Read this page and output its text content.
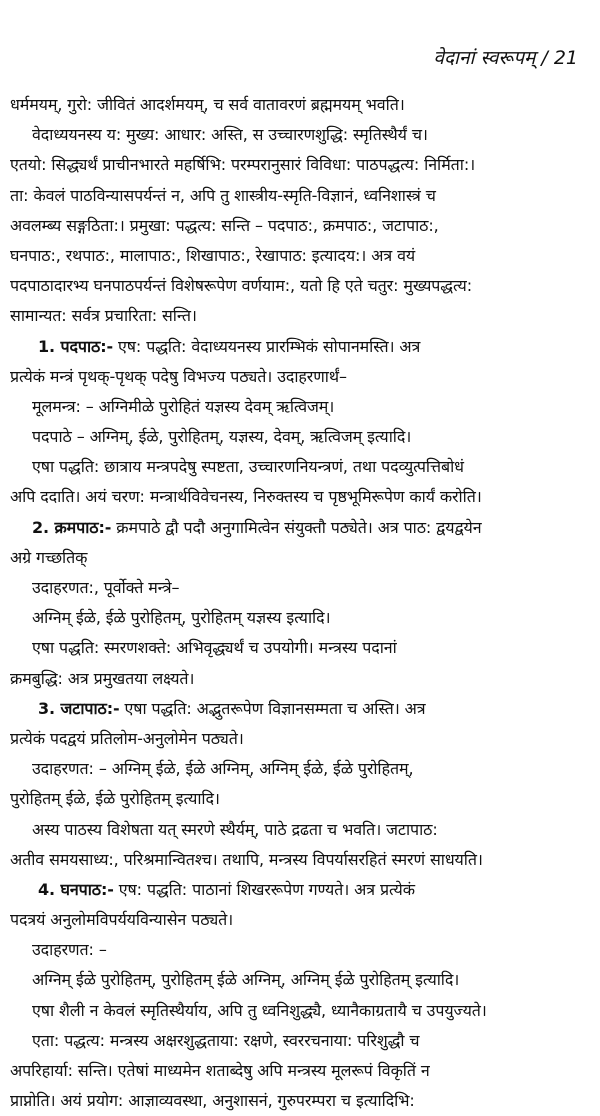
वेदानां स्वरूपम् / 21
धर्ममयम्, गुरो: जीवितं आदर्शमयम्, च सर्व वातावरणं ब्रह्ममयम् भवति।
वेदाध्ययनस्य य: मुख्य: आधार: अस्ति, स उच्चारणशुद्धि: स्मृतिस्थैर्यं च।
एतयो: सिद्ध्यर्थं प्राचीनभारते महर्षिभि: परम्परानुसारं विविधा: पाठपद्धत्य: निर्मिता:।
ता: केवलं पाठविन्यासपर्यन्तं न, अपि तु शास्त्रीय-स्मृति-विज्ञानं, ध्वनिशास्त्रं च
अवलम्ब्य सङ्गठिता:। प्रमुखा: पद्धत्य: सन्ति – पदपाठ:, क्रमपाठ:, जटापाठ:,
घनपाठ:, रथपाठ:, मालापाठ:, शिखापाठ:, रेखापाठ: इत्यादय:। अत्र वयं
पदपाठादारभ्य घनपाठपर्यन्तं विशेषरूपेण वर्णयाम:, यतो हि एते चतुर: मुख्यपद्धत्य:
सामान्यत: सर्वत्र प्रचारिता: सन्ति।
1. पदपाठ:- एष: पद्धति: वेदाध्ययनस्य प्रारम्भिकं सोपानमस्ति। अत्र
प्रत्येकं मन्त्रं पृथक्-पृथक् पदेषु विभज्य पठ्यते। उदाहरणार्थं–
मूलमन्त्र: – अग्निमीळे पुरोहितं यज्ञस्य देवम् ऋत्विजम्।
पदपाठे – अग्निम्, ईळे, पुरोहितम्, यज्ञस्य, देवम्, ऋत्विजम् इत्यादि।
एषा पद्धति: छात्राय मन्त्रपदेषु स्पष्टता, उच्चारणनियन्त्रणं, तथा पदव्युत्पत्तिबोधं
अपि ददाति। अयं चरण: मन्त्रार्थविवेचनस्य, निरुक्तस्य च पृष्ठभूमिरूपेण कार्यं करोति।
2. क्रमपाठ:- क्रमपाठे द्वौ पदौ अनुगामित्वेन संयुक्तौ पठ्येते। अत्र पाठ: द्वयद्वयेन
अग्रे गच्छतिक्
उदाहरणत:, पूर्वोक्ते मन्त्रे–
अग्निम् ईळे, ईळे पुरोहितम्, पुरोहितम् यज्ञस्य इत्यादि।
एषा पद्धति: स्मरणशक्ते: अभिवृद्ध्यर्थं च उपयोगी। मन्त्रस्य पदानां
क्रमबुद्धि: अत्र प्रमुखतया लक्ष्यते।
3. जटापाठ:- एषा पद्धति: अद्भुतरूपेण विज्ञानसम्मता च अस्ति। अत्र
प्रत्येकं पदद्वयं प्रतिलोम-अनुलोमेन पठ्यते।
उदाहरणत: – अग्निम् ईळे, ईळे अग्निम्, अग्निम् ईळे, ईळे पुरोहितम्,
पुरोहितम् ईळे, ईळे पुरोहितम् इत्यादि।
अस्य पाठस्य विशेषता यत् स्मरणे स्थैर्यम्, पाठे द्रढता च भवति। जटापाठ:
अतीव समयसाध्य:, परिश्रमान्वितश्च। तथापि, मन्त्रस्य विपर्यासरहितं स्मरणं साधयति।
4. घनपाठ:- एष: पद्धति: पाठानां शिखररूपेण गण्यते। अत्र प्रत्येकं
पदत्रयं अनुलोमविपर्ययविन्यासेन पठ्यते।
उदाहरणत: –
अग्निम् ईळे पुरोहितम्, पुरोहितम् ईळे अग्निम्, अग्निम् ईळे पुरोहितम् इत्यादि।
एषा शैली न केवलं स्मृतिस्थैर्याय, अपि तु ध्वनिशुद्ध्यै, ध्यानैकाग्रतायै च उपयुज्यते।
एता: पद्धत्य: मन्त्रस्य अक्षरशुद्धताया: रक्षणे, स्वररचनाया: परिशुद्धौ च
अपरिहार्या: सन्ति। एतेषां माध्यमेन शताब्देषु अपि मन्त्रस्य मूलरूपं विकृतिं न
प्राप्नोति। अयं प्रयोग: आज्ञाव्यवस्था, अनुशासनं, गुरुपरम्परा च इत्यादिभि:
